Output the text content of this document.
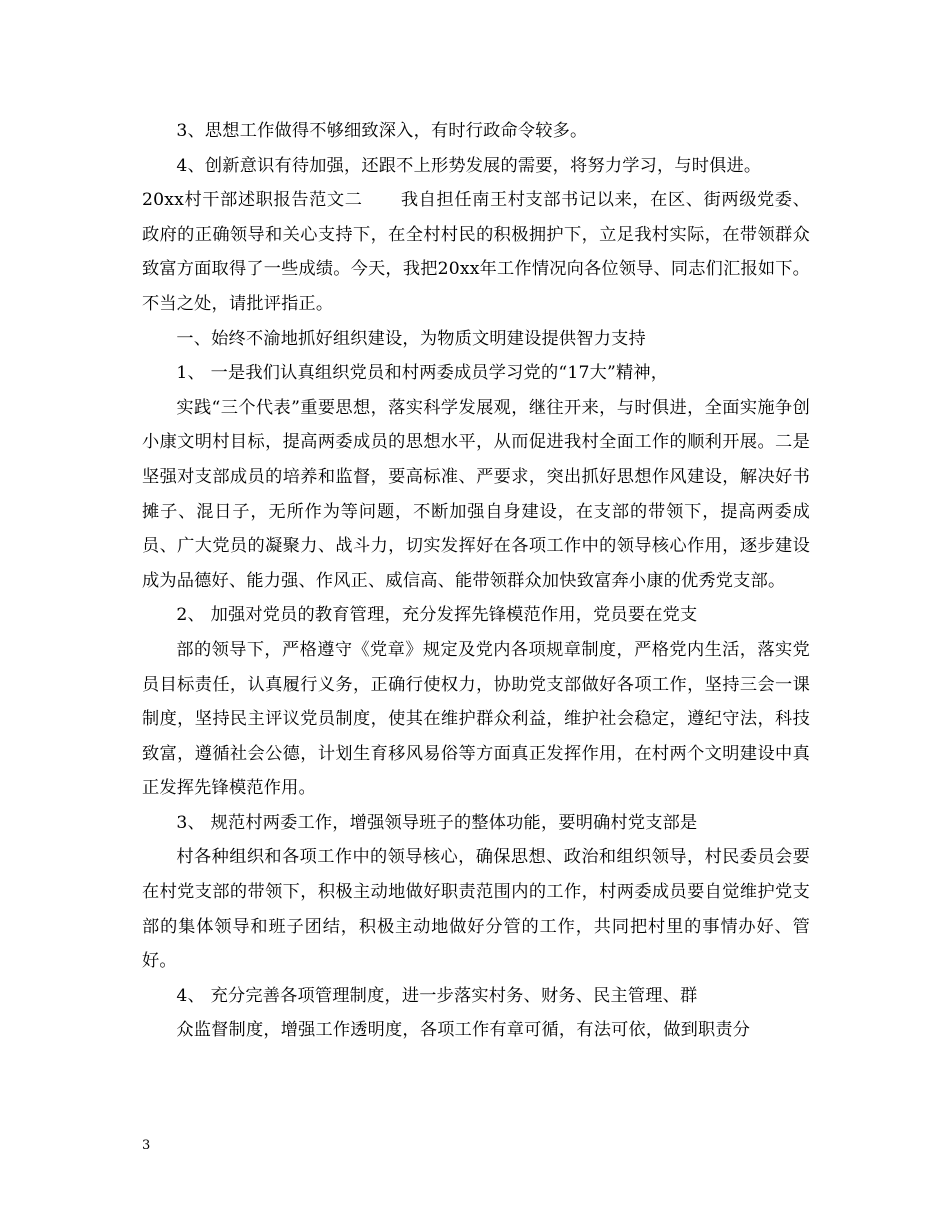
3、思想工作做得不够细致深入，有时行政命令较多。

4、创新意识有待加强，还跟不上形势发展的需要，将努力学习，与时俱进。

20xx村干部述职报告范文二 我自担任南王村支部书记以来，在区、街两级党委、政府的正确领导和关心支持下，在全村村民的积极拥护下，立足我村实际，在带领群众致富方面取得了一些成绩。今天，我把20xx年工作情况向各位领导、同志们汇报如下。不当之处，请批评指正。

一、始终不渝地抓好组织建设，为物质文明建设提供智力支持

1、 一是我们认真组织党员和村两委成员学习党的“17大”精神，

实践“三个代表”重要思想，落实科学发展观，继往开来，与时俱进，全面实施争创小康文明村目标，提高两委成员的思想水平，从而促进我村全面工作的顺利开展。二是坚强对支部成员的培养和监督，要高标准、严要求，突出抓好思想作风建设，解决好书摊子、混日子，无所作为等问题，不断加强自身建设，在支部的带领下，提高两委成员、广大党员的凝聚力、战斗力，切实发挥好在各项工作中的领导核心作用，逐步建设成为品德好、能力强、作风正、威信高、能带领群众加快致富奔小康的优秀党支部。

2、 加强对党员的教育管理，充分发挥先锋模范作用，党员要在党支

部的领导下，严格遵守《党章》规定及党内各项规章制度，严格党内生活，落实党员目标责任，认真履行义务，正确行使权力，协助党支部做好各项工作，坚持三会一课制度，坚持民主评议党员制度，使其在维护群众利益，维护社会稳定，遵纪守法，科技致富，遵循社会公德，计划生育移风易俗等方面真正发挥作用，在村两个文明建设中真正发挥先锋模范作用。

3、 规范村两委工作，增强领导班子的整体功能，要明确村党支部是

村各种组织和各项工作中的领导核心，确保思想、政治和组织领导，村民委员会要在村党支部的带领下，积极主动地做好职责范围内的工作，村两委成员要自觉维护党支部的集体领导和班子团结，积极主动地做好分管的工作，共同把村里的事情办好、管好。

4、 充分完善各项管理制度，进一步落实村务、财务、民主管理、群

众监督制度，增强工作透明度，各项工作有章可循，有法可依，做到职责分

3
